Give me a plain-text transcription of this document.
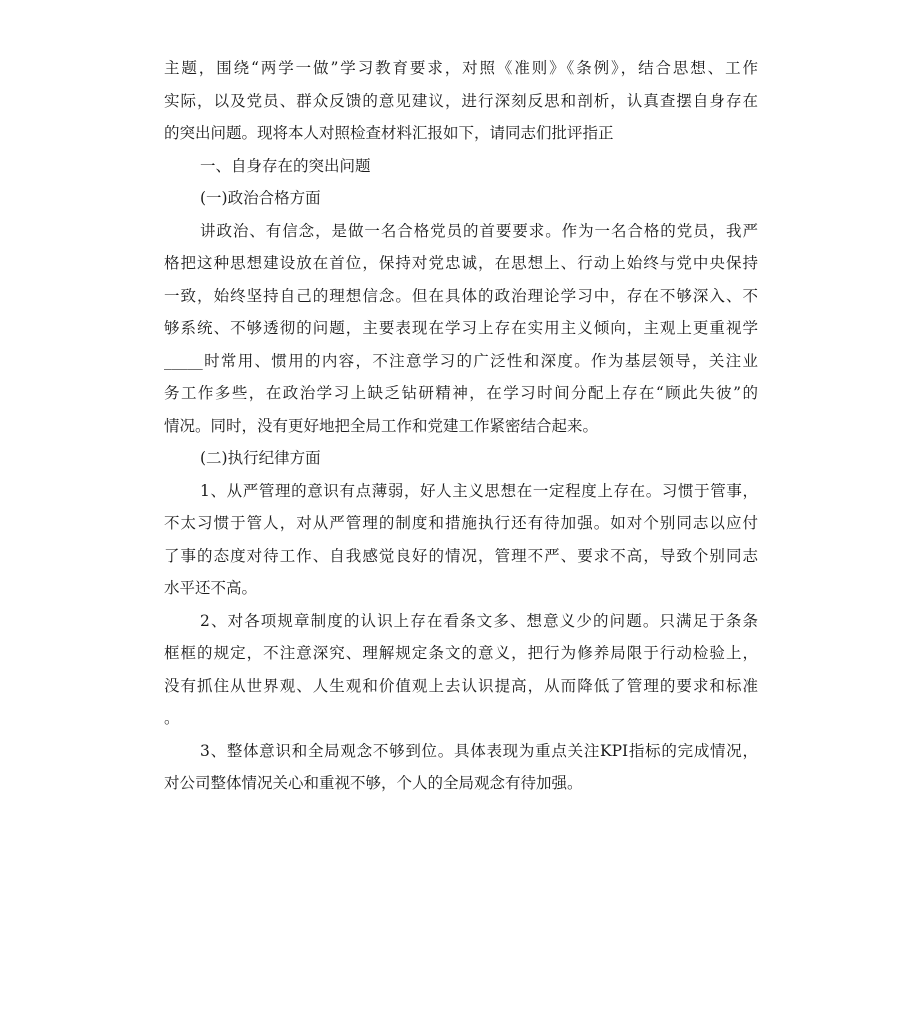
主题，围绕“两学一做”学习教育要求，对照《准则》《条例》，结合思想、工作
实际，以及党员、群众反馈的意见建议，进行深刻反思和剖析，认真查摆自身存在
的突出问题。现将本人对照检查材料汇报如下，请同志们批评指正
一、自身存在的突出问题
(一)政治合格方面
讲政治、有信念，是做一名合格党员的首要要求。作为一名合格的党员，我严
格把这种思想建设放在首位，保持对党忠诚，在思想上、行动上始终与党中央保持
一致，始终坚持自己的理想信念。但在具体的政治理论学习中，存在不够深入、不
够系统、不够透彻的问题，主要表现在学习上存在实用主义倾向，主观上更重视学
_____时常用、惯用的内容，不注意学习的广泛性和深度。作为基层领导，关注业
务工作多些，在政治学习上缺乏钻研精神，在学习时间分配上存在“顾此失彼”的
情况。同时，没有更好地把全局工作和党建工作紧密结合起来。
(二)执行纪律方面
1、从严管理的意识有点薄弱，好人主义思想在一定程度上存在。习惯于管事，
不太习惯于管人，对从严管理的制度和措施执行还有待加强。如对个别同志以应付
了事的态度对待工作、自我感觉良好的情况，管理不严、要求不高，导致个别同志
水平还不高。
2、对各项规章制度的认识上存在看条文多、想意义少的问题。只满足于条条
框框的规定，不注意深究、理解规定条文的意义，把行为修养局限于行动检验上，
没有抓住从世界观、人生观和价值观上去认识提高，从而降低了管理的要求和标准
。
3、整体意识和全局观念不够到位。具体表现为重点关注KPI指标的完成情况，
对公司整体情况关心和重视不够，个人的全局观念有待加强。
